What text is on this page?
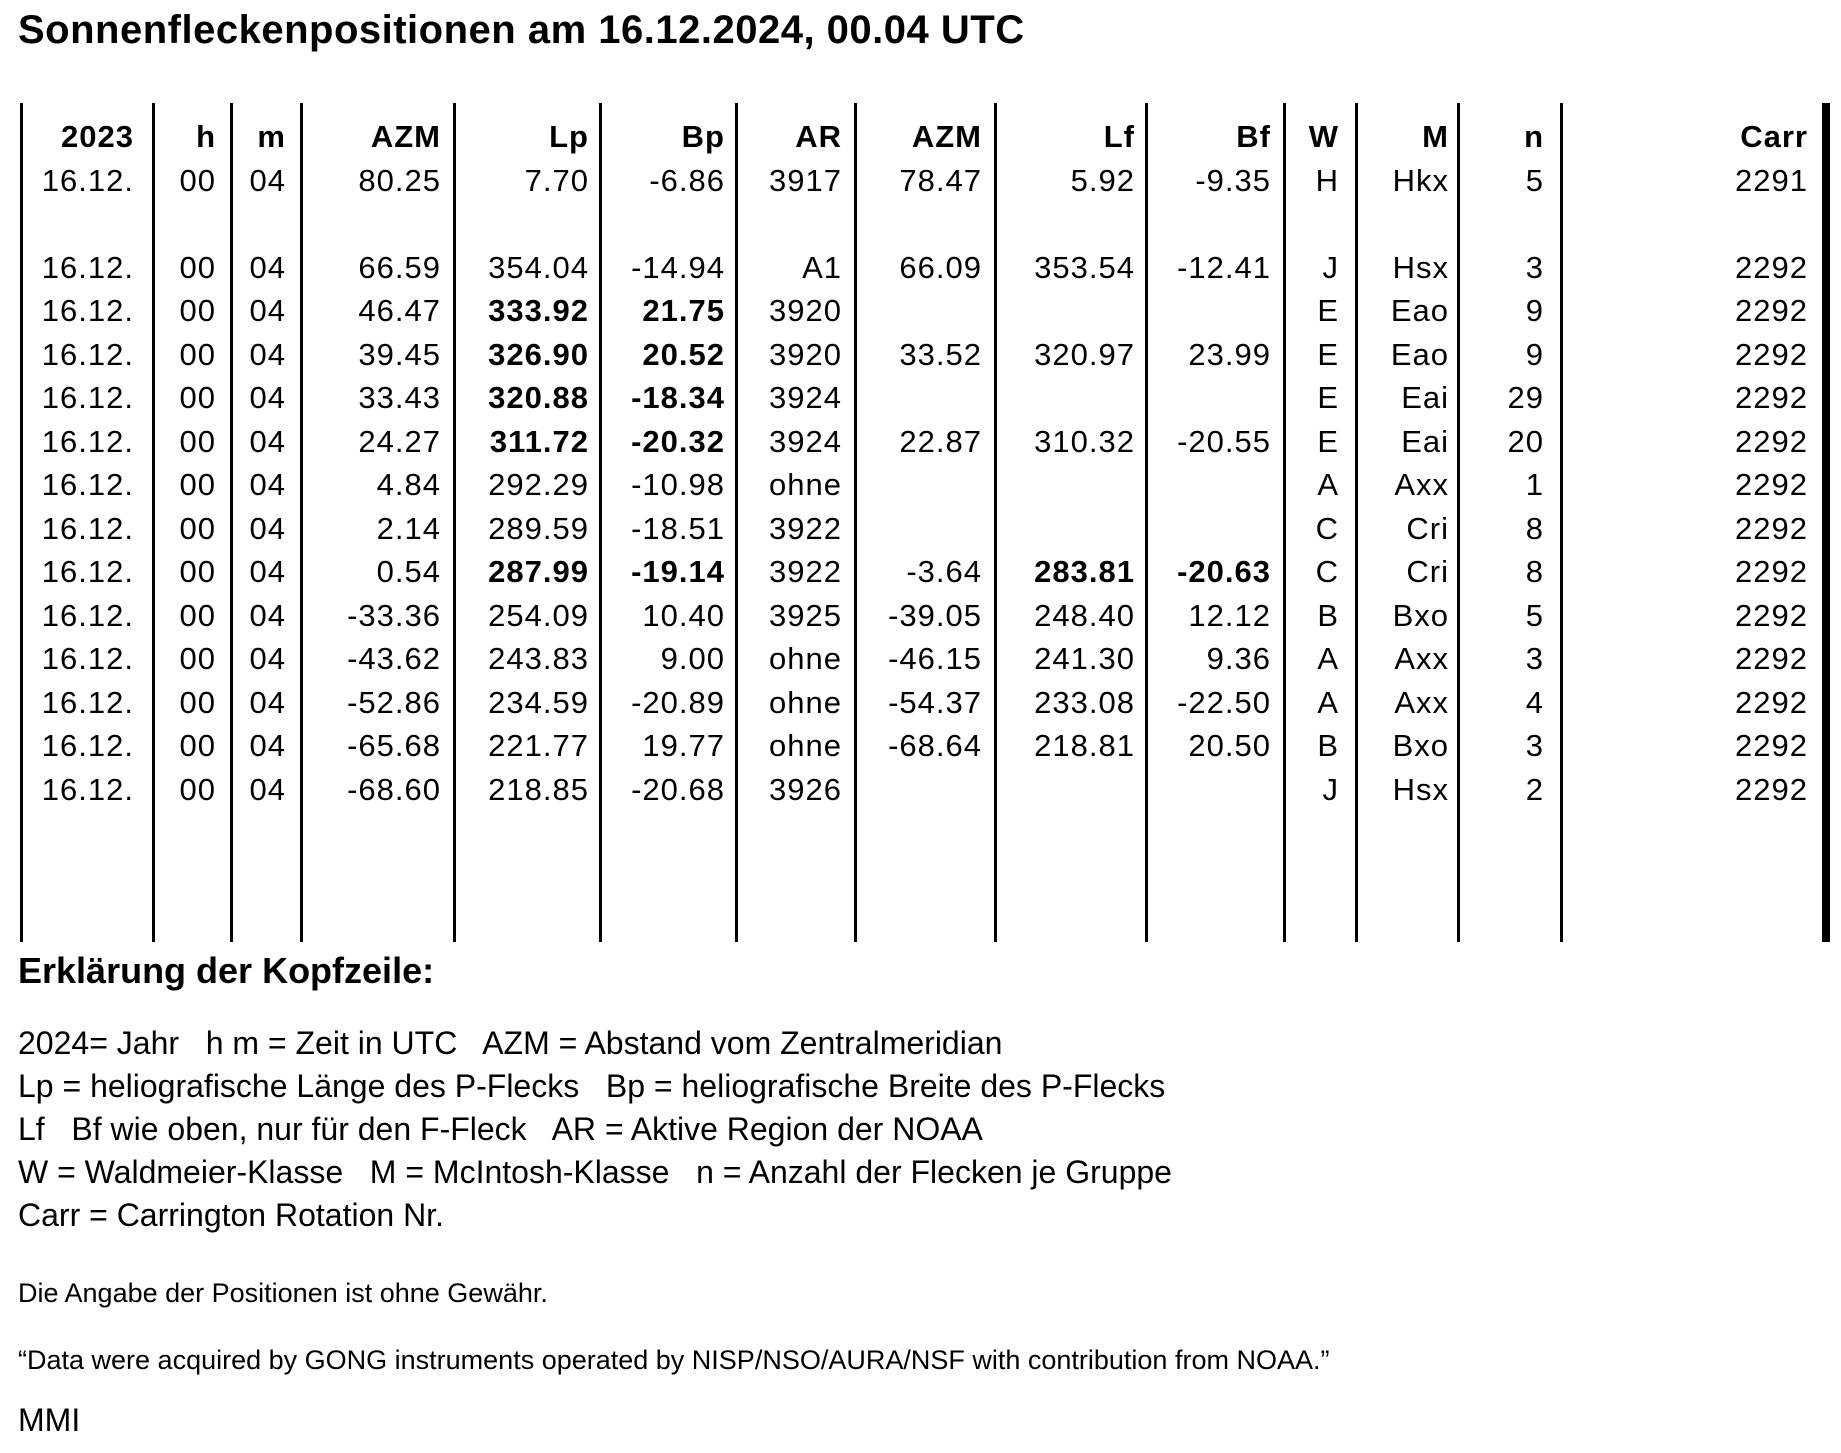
Sonnenfleckenpositionen am 16.12.2024, 00.04 UTC
2023
16.12.
16.12.
16.12.
16.12.
16.12.
16.12.
16.12.
16.12.
16.12.
16.12.
16.12.
16.12.
16.12.
16.12.
h
00
00
00
00
00
00
00
00
00
00
00
00
00
00
m
04
04
04
04
04
04
04
04
04
04
04
04
04
04
AZM
80.25
66.59
46.47
39.45
33.43
24.27
4.84
2.14
0.54
-33.36
-43.62
-52.86
-65.68
-68.60
Lp
7.70
354.04
333.92
326.90
320.88
311.72
292.29
289.59
287.99
254.09
243.83
234.59
221.77
218.85
Bp
-6.86
-14.94
21.75
20.52
-18.34
-20.32
-10.98
-18.51
-19.14
10.40
9.00
-20.89
19.77
-20.68
AR
3917
A1
3920
3920
3924
3924
ohne
3922
3922
3925
ohne
ohne
ohne
3926
AZM
78.47
66.09
33.52
22.87
-3.64
-39.05
-46.15
-54.37
-68.64
Lf
5.92
353.54
320.97
310.32
283.81
248.40
241.30
233.08
218.81
Bf
-9.35
-12.41
23.99
-20.55
-20.63
12.12
9.36
-22.50
20.50
W
H
J
E
E
E
E
A
C
C
B
A
A
B
J
M
Hkx
Hsx
Eao
Eao
Eai
Eai
Axx
Cri
Cri
Bxo
Axx
Axx
Bxo
Hsx
n
5
3
9
9
29
20
1
8
8
5
3
4
3
2
Carr
2291
2292
2292
2292
2292
2292
2292
2292
2292
2292
2292
2292
2292
2292
Erklärung der Kopfzeile:
2024= Jahr   h m = Zeit in UTC   AZM = Abstand vom Zentralmeridian
Lp = heliografische Länge des P-Flecks   Bp = heliografische Breite des P-Flecks
Lf   Bf wie oben, nur für den F-Fleck   AR = Aktive Region der NOAA
W = Waldmeier-Klasse   M = McIntosh-Klasse   n = Anzahl der Flecken je Gruppe
Carr = Carrington Rotation Nr.
Die Angabe der Positionen ist ohne Gewähr.
“Data were acquired by GONG instruments operated by NISP/NSO/AURA/NSF with contribution from NOAA.”
MMI
